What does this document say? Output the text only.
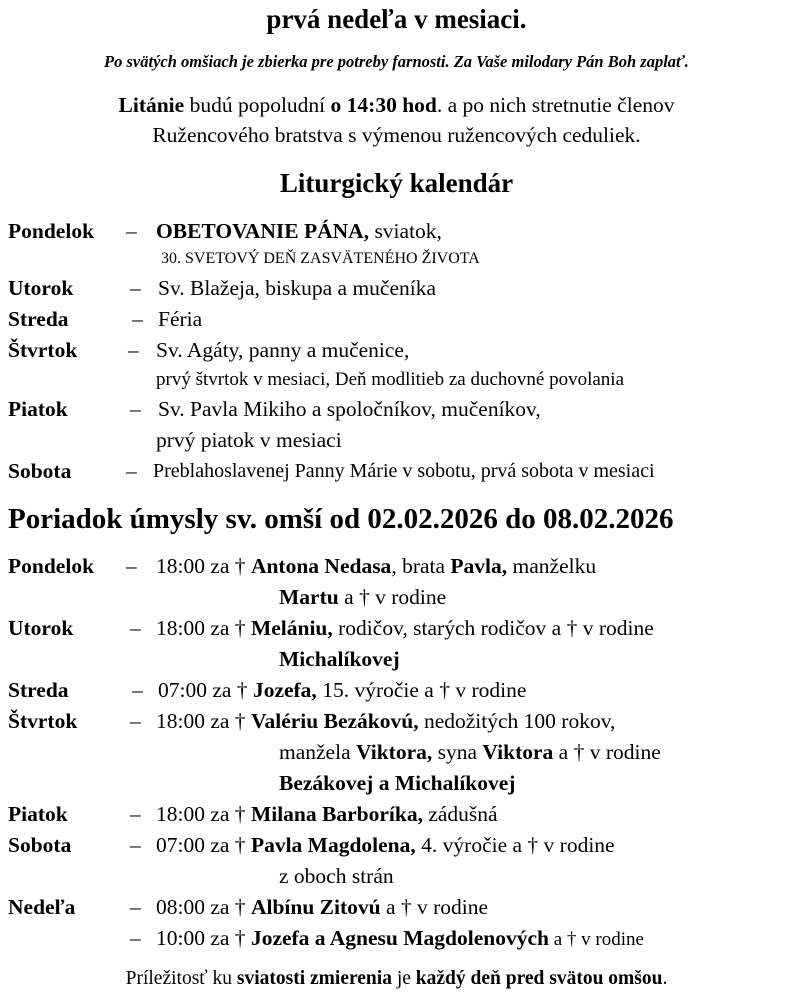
prvá nedeľa v mesiaci.
Po svätých omšiach je zbierka pre potreby farnosti. Za Vaše milodary Pán Boh zaplať.
Litánie budú popoludní o 14:30 hod. a po nich stretnutie členov
Ružencového bratstva s výmenou ružencových ceduliek.
Liturgický kalendár
Pondelok – OBETOVANIE PÁNA, sviatok,
30. SVETOVÝ DEŇ ZASVÄTENÉHO ŽIVOTA
Utorok	– Sv. Blažeja, biskupa a mučeníka
Streda	– Féria
Štvrtok – Sv. Agáty, panny a mučenice,
prvý štvrtok v mesiaci, Deň modlitieb za duchovné povolania
Piatok	– Sv. Pavla Mikiho a spoločníkov, mučeníkov,
prvý piatok v mesiaci
Sobota	– Preblahoslavenej Panny Márie v sobotu, prvá sobota v mesiaci
Poriadok úmysly sv. omší od 02.02.2026 do 08.02.2026
Pondelok – 18:00 za † Antona Nedasa, brata Pavla, manželku
Martu a † v rodine
Utorok	– 18:00 za † Melániu, rodičov, starých rodičov a † v rodine
Michalíkovej
Streda	– 07:00 za † Jozefa, 15. výročie a † v rodine
Štvrtok – 18:00 za † Valériu Bezákovú, nedožitých 100 rokov,
manžela Viktora, syna Viktora a † v rodine
Bezákovej a Michalíkovej
Piatok	– 18:00 za † Milana Barboríka, zádušná
Sobota	– 07:00 za † Pavla Magdolena, 4. výročie a † v rodine
z oboch strán
Nedeľa	– 08:00 za † Albínu Zitovú a † v rodine
– 10:00 za † Jozefa a Agnesu Magdolenových a † v rodine
Príležitosť ku sviatosti zmierenia je každý deň pred svätou omšou.
